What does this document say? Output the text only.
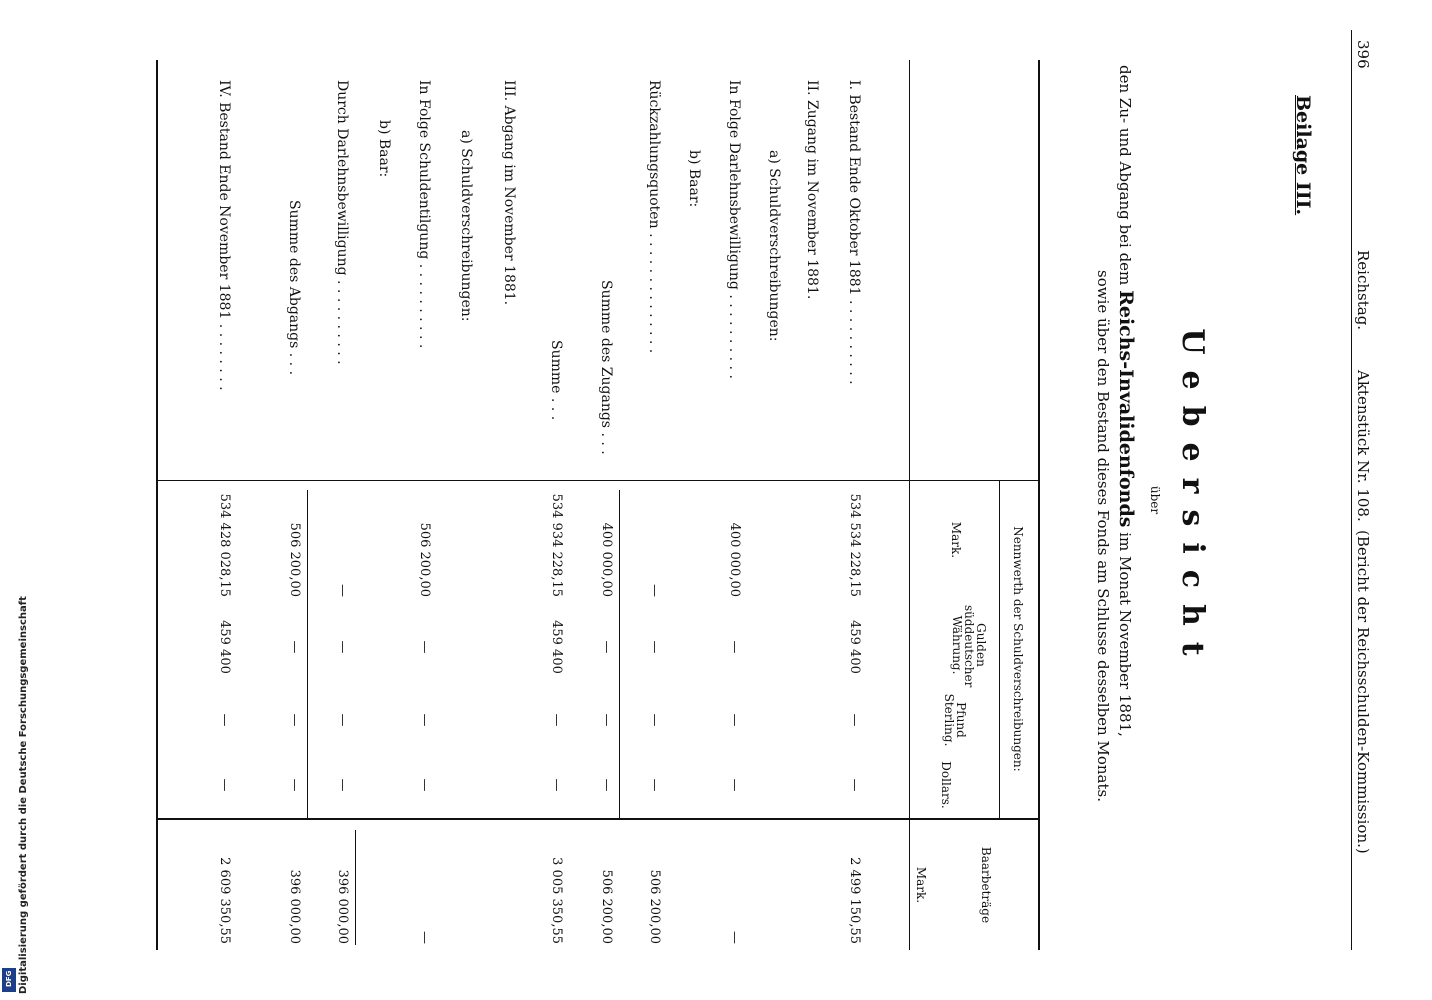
Digitalisierung gefördert durch die Deutsche Forschungsgemeinschaft
DFG
396
Reichstag.
Aktenstück Nr. 108.
(Bericht der Reichsschulden-Kommission.)
Beilage III.
Uebersicht
über
den Zu- und Abgang bei dem Reichs-Invalidenfonds im Monat November 1881,
sowie über den Bestand dieses Fonds am Schlusse desselben Monats.
Nennwerth der Schuldverschreibungen:
Mark.
Gulden süddeutscher Währung.
Pfund Sterling.
Dollars.
Baarbeträge
Mark.
I. Bestand Ende Oktober 1881 . . . . . . . . . .
534 534 228,15
459 400
—
—
2 499 150,55
II. Zugang im November 1881.
a) Schuldverschreibungen:
In Folge Darlehnsbewilligung . . . . . . . . . .
400 000,00
—
—
—
—
b) Baar:
Rückzahlungsquoten . . . . . . . . . . . . . .
—
—
—
—
506 200,00
Summe des Zugangs . . .
400 000,00
—
—
—
506 200,00
Summe . . .
534 934 228,15
459 400
—
—
3 005 350,55
III. Abgang im November 1881.
a) Schuldverschreibungen:
In Folge Schuldentilgung . . . . . . . . . .
506 200,00
—
—
—
—
b) Baar:
Durch Darlehnsbewilligung . . . . . . . . . .
—
—
—
—
396 000,00
Summe des Abgangs . . .
506 200,00
—
—
—
396 000,00
IV. Bestand Ende November 1881 . . . . . . . .
534 428 028,15
459 400
—
—
2 609 350,55
